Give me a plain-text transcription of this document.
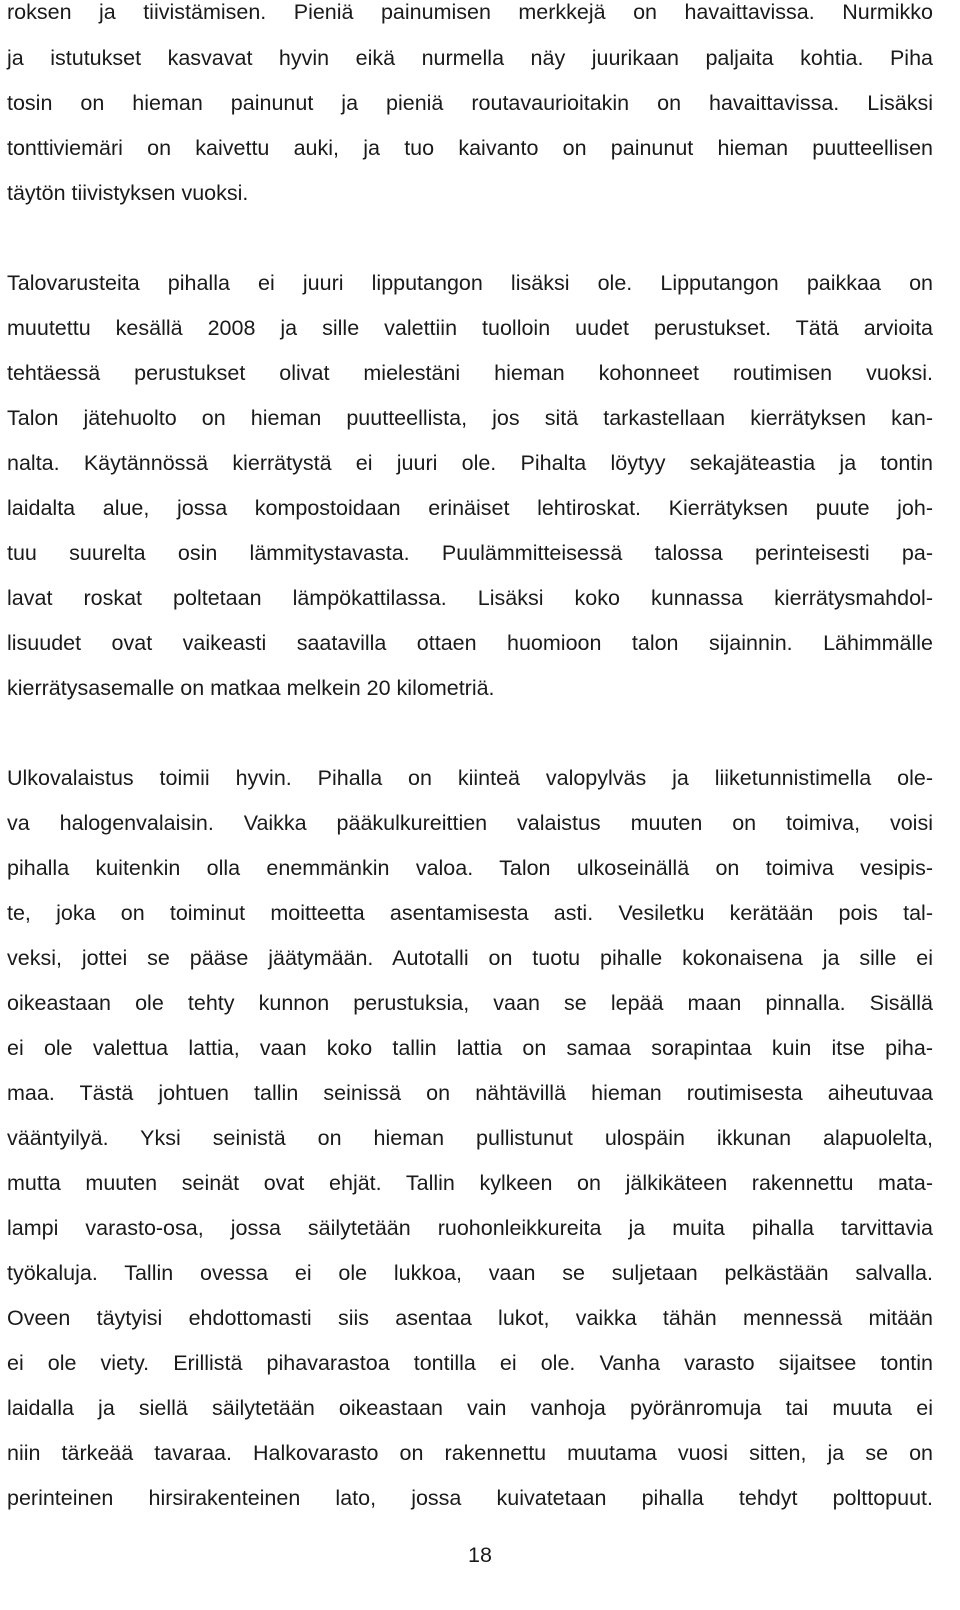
roksen ja tiivistämisen. Pieniä painumisen merkkejä on havaittavissa. Nurmikko
ja istutukset kasvavat hyvin eikä nurmella näy juurikaan paljaita kohtia. Piha
tosin on hieman painunut ja pieniä routavaurioitakin on havaittavissa. Lisäksi
tonttiviemäri on kaivettu auki, ja tuo kaivanto on painunut hieman puutteellisen
täytön tiivistyksen vuoksi.
Talovarusteita pihalla ei juuri lipputangon lisäksi ole. Lipputangon paikkaa on
muutettu kesällä 2008 ja sille valettiin tuolloin uudet perustukset. Tätä arvioita
tehtäessä perustukset olivat mielestäni hieman kohonneet routimisen vuoksi.
Talon jätehuolto on hieman puutteellista, jos sitä tarkastellaan kierrätyksen kan-
nalta. Käytännössä kierrätystä ei juuri ole. Pihalta löytyy sekajäteastia ja tontin
laidalta alue, jossa kompostoidaan erinäiset lehtiroskat. Kierrätyksen puute joh-
tuu suurelta osin lämmitystavasta. Puulämmitteisessä talossa perinteisesti pa-
lavat roskat poltetaan lämpökattilassa. Lisäksi koko kunnassa kierrätysmahdol-
lisuudet ovat vaikeasti saatavilla ottaen huomioon talon sijainnin. Lähimmälle
kierrätysasemalle on matkaa melkein 20 kilometriä.
Ulkovalaistus toimii hyvin. Pihalla on kiinteä valopylväs ja liiketunnistimella ole-
va halogenvalaisin. Vaikka pääkulkureittien valaistus muuten on toimiva, voisi
pihalla kuitenkin olla enemmänkin valoa. Talon ulkoseinällä on toimiva vesipis-
te, joka on toiminut moitteetta asentamisesta asti. Vesiletku kerätään pois tal-
veksi, jottei se pääse jäätymään. Autotalli on tuotu pihalle kokonaisena ja sille ei
oikeastaan ole tehty kunnon perustuksia, vaan se lepää maan pinnalla. Sisällä
ei ole valettua lattia, vaan koko tallin lattia on samaa sorapintaa kuin itse piha-
maa. Tästä johtuen tallin seinissä on nähtävillä hieman routimisesta aiheutuvaa
vääntyilyä. Yksi seinistä on hieman pullistunut ulospäin ikkunan alapuolelta,
mutta muuten seinät ovat ehjät. Tallin kylkeen on jälkikäteen rakennettu mata-
lampi varasto-osa, jossa säilytetään ruohonleikkureita ja muita pihalla tarvittavia
työkaluja. Tallin ovessa ei ole lukkoa, vaan se suljetaan pelkästään salvalla.
Oveen täytyisi ehdottomasti siis asentaa lukot, vaikka tähän mennessä mitään
ei ole viety. Erillistä pihavarastoa tontilla ei ole. Vanha varasto sijaitsee tontin
laidalla ja siellä säilytetään oikeastaan vain vanhoja pyöränromuja tai muuta ei
niin tärkeää tavaraa. Halkovarasto on rakennettu muutama vuosi sitten, ja se on
perinteinen hirsirakenteinen lato, jossa kuivatetaan pihalla tehdyt polttopuut.
18
